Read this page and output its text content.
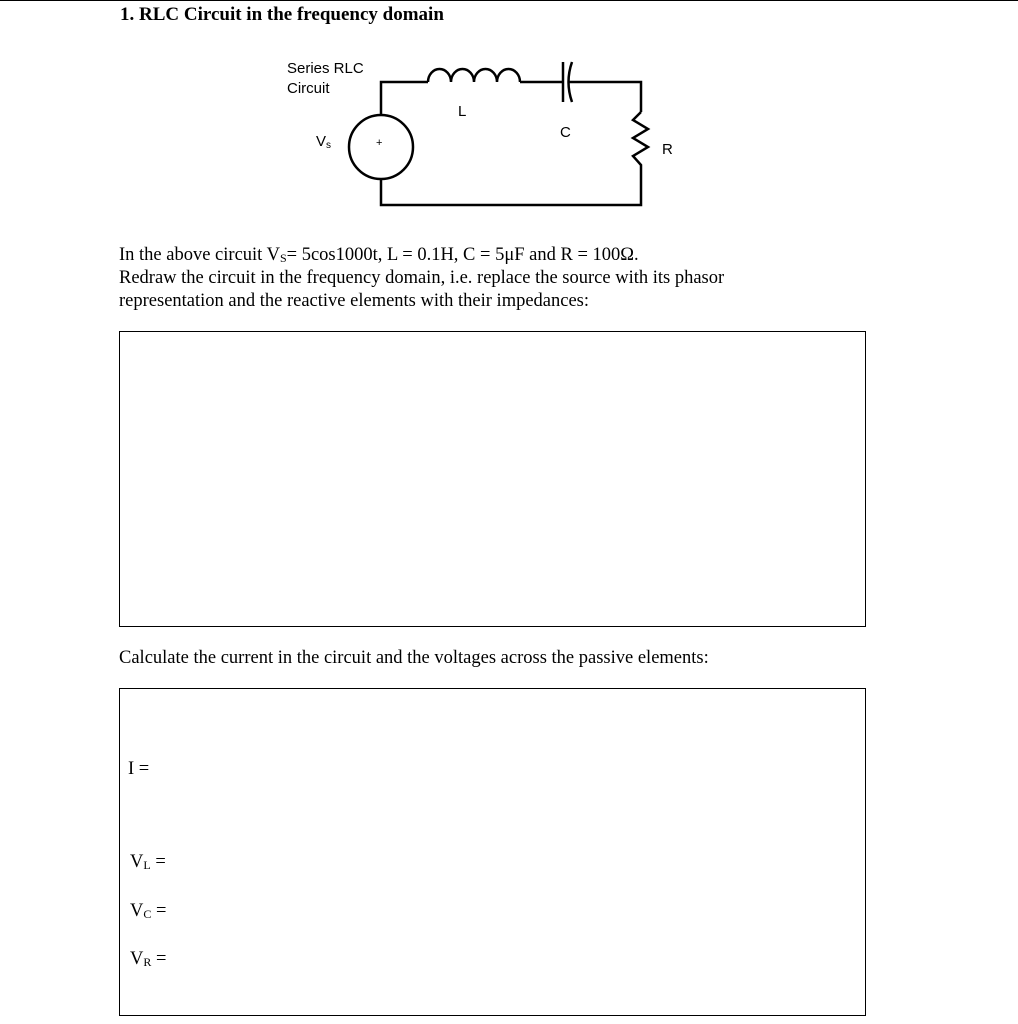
1. RLC Circuit in the frequency domain
Series RLC
Circuit
+
$V_s$
L
C
R
In the above circuit $V_S= 5\cos 1000t$, L = 0.1H, C = 5μF and R = 100Ω.
Redraw the circuit in the frequency domain, i.e. replace the source with its phasor
representation and the reactive elements with their impedances:
Calculate the current in the circuit and the voltages across the passive elements:
I =
$V_L$ =
$V_C$ =
$V_R$ =
